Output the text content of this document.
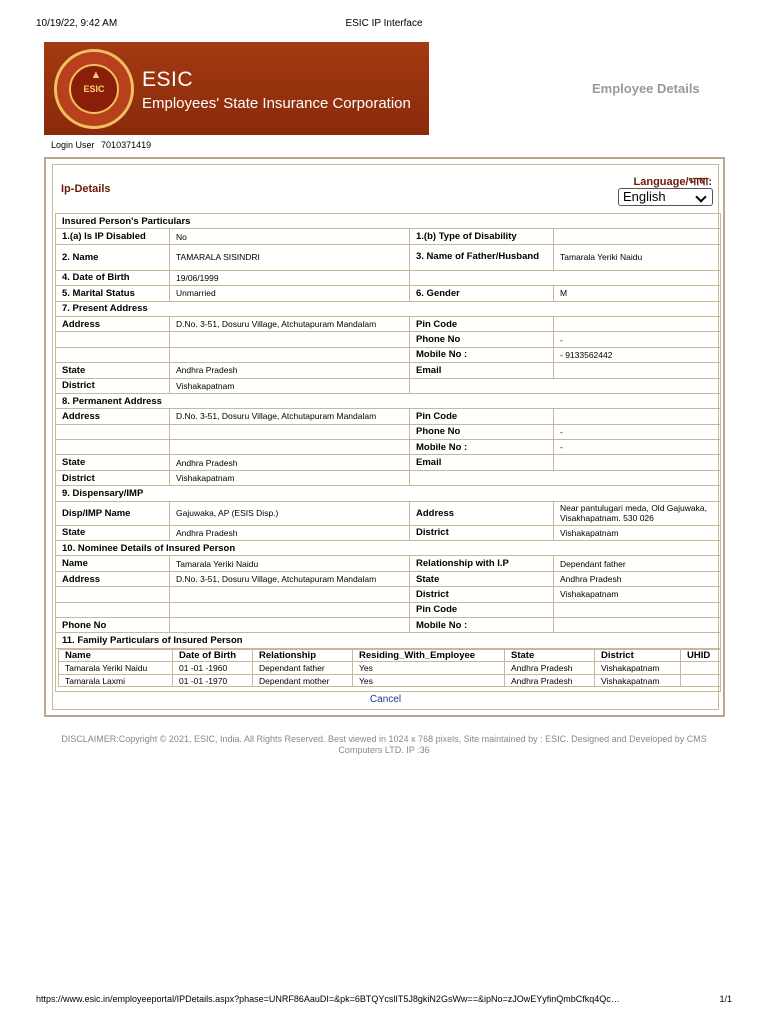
10/19/22, 9:42 AM	ESIC IP Interface
▲
ESIC	ESIC
Employees' State Insurance Corporation
Employee Details
Login User 7010371419
Ip-Details
Language/भाषा:
English
Insured Person's Particulars
1.(a) Is IP Disabled	No	1.(b) Type of Disability	
2. Name	TAMARALA SISINDRI	3. Name of Father/Husband	Tamarala Yeriki Naidu
4. Date of Birth	19/06/1999	
5. Marital Status	Unmarried	6. Gender	M
7. Present Address
Address	D.No. 3-51, Dosuru Village, Atchutapuram Mandalam	Pin Code	
		Phone No	-
		Mobile No :	- 9133562442
State	Andhra Pradesh	Email	
District	Vishakapatnam	
8. Permanent Address
Address	D.No. 3-51, Dosuru Village, Atchutapuram Mandalam	Pin Code	
		Phone No	-
		Mobile No :	-
State	Andhra Pradesh	Email	
District	Vishakapatnam	
9. Dispensary/IMP
Disp/IMP Name	Gajuwaka, AP (ESIS Disp.)	Address	Near pantulugari meda, Old Gajuwaka, Visakhapatnam. 530 026
State	Andhra Pradesh	District	Vishakapatnam
10. Nominee Details of Insured Person
Name	Tamarala Yeriki Naidu	Relationship with I.P	Dependant father
Address	D.No. 3-51, Dosuru Village, Atchutapuram Mandalam	State	Andhra Pradesh
		District	Vishakapatnam
		Pin Code	
Phone No		Mobile No :	
11. Family Particulars of Insured Person

Name	Date of Birth	Relationship	Residing_With_Employee	State	District	UHID
Tamarala Yeriki Naidu	01 -01 -1960	Dependant father	Yes	Andhra Pradesh	Vishakapatnam	
Tamarala Laxmi	01 -01 -1970	Dependant mother	Yes	Andhra Pradesh	Vishakapatnam	
Cancel
DISCLAIMER:Copyright © 2021, ESIC, India. All Rights Reserved. Best viewed in 1024 x 768 pixels, Site maintained by : ESIC. Designed and Developed by CMS Computers LTD. IP :36
https://www.esic.in/employeeportal/IPDetails.aspx?phase=UNRF86AauDI=&pk=6BTQYcslIT5J8gkiN2GsWw==&ipNo=zJOwEYyfinQmbCfkq4Qc…	1/1
